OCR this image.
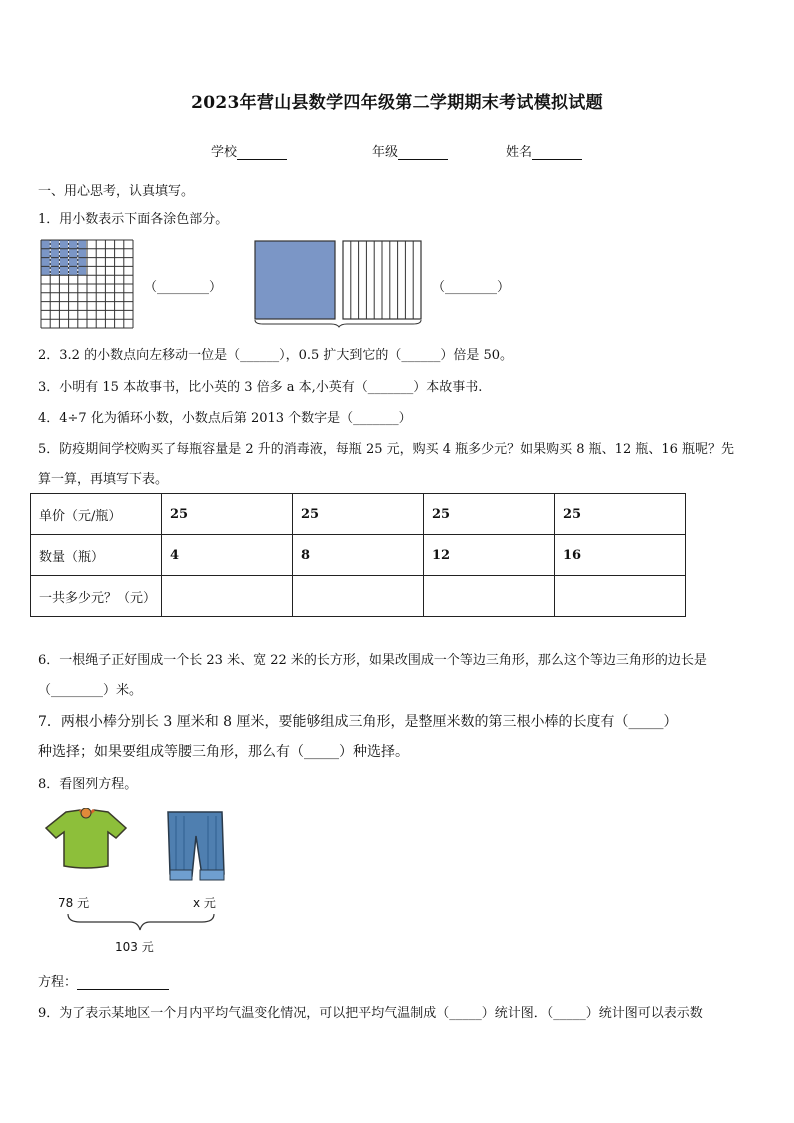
2023年营山县数学四年级第二学期期末考试模拟试题
学校	年级	姓名
一、用心思考，认真填写。
1．用小数表示下面各涂色部分。
（________）	（________）
2．3.2 的小数点向左移动一位是（______），0.5 扩大到它的（______）倍是 50。
3．小明有 15 本故事书，比小英的 3 倍多 a 本,小英有（_______）本故事书.
4．4÷7 化为循环小数，小数点后第 2013 个数字是（_______）
5．防疫期间学校购买了每瓶容量是 2 升的消毒液，每瓶 25 元，购买 4 瓶多少元？如果购买 8 瓶、12 瓶、16 瓶呢？先
算一算，再填写下表。
单价（元/瓶）	25	25	25	25
数量（瓶）	4	8	12	16
一共多少元？（元）				
6．一根绳子正好围成一个长 23 米、宽 22 米的长方形，如果改围成一个等边三角形，那么这个等边三角形的边长是
（________）米。
7．两根小棒分别长 3 厘米和 8 厘米，要能够组成三角形，是整厘米数的第三根小棒的长度有（_____）
种选择；如果要组成等腰三角形，那么有（_____）种选择。
8．看图列方程。
78 元	x 元
103 元
方程：
9．为了表示某地区一个月内平均气温变化情况，可以把平均气温制成（_____）统计图．（_____）统计图可以表示数
